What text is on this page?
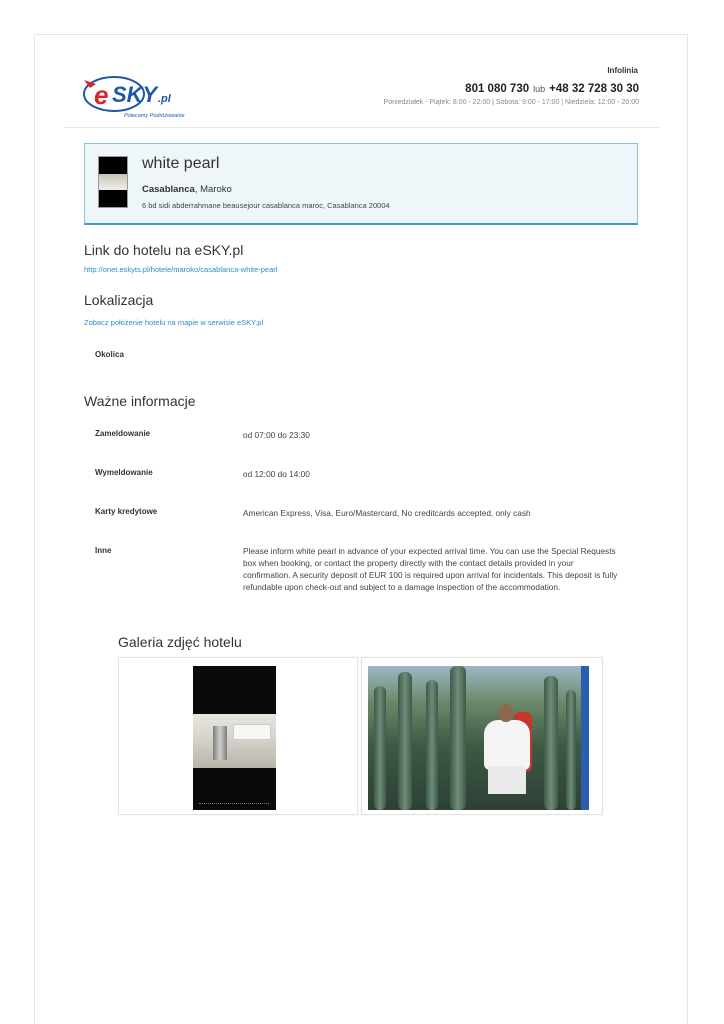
e SKY .pl
Polecamy Podróżowanie
Infolinia
801 080 730 lub +48 32 728 30 30
Poniedziałek - Piątek: 8:00 - 22:00 | Sobota: 9:00 - 17:00 | Niedziela: 12:00 - 20:00
white pearl
Casablanca, Maroko
6 bd sidi abderrahmane beausejour casablanca maroc, Casablanca 20004
Link do hotelu na eSKY.pl
http://onet.eskyts.pl/hotele/maroko/casablanca-white-pearl
Lokalizacja
Zobacz położenie hotelu na mapie w serwisie eSKY.pl
Okolica
Ważne informacje
Zameldowanie	od 07:00 do 23:30
Wymeldowanie	od 12:00 do 14:00
Karty kredytowe	American Express, Visa, Euro/Mastercard, No creditcards accepted, only cash
Inne	Please inform white pearl in advance of your expected arrival time. You can use the Special Requests box when booking, or contact the property directly with the contact details provided in your confirmation. A security deposit of EUR 100 is required upon arrival for incidentals. This deposit is fully refundable upon check-out and subject to a damage inspection of the accommodation.
Galeria zdjęć hotelu
